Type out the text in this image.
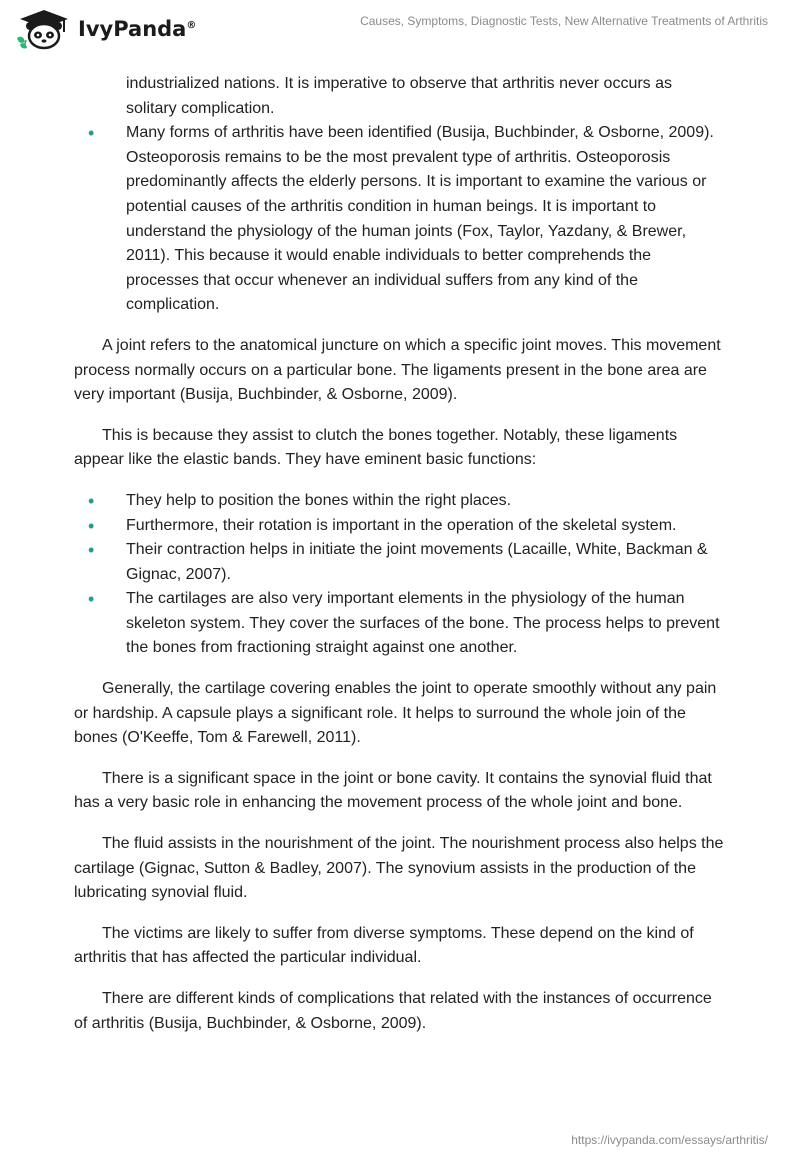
IvyPanda®	Causes, Symptoms, Diagnostic Tests, New Alternative Treatments of Arthritis
industrialized nations. It is imperative to observe that arthritis never occurs as solitary complication.
• Many forms of arthritis have been identified (Busija, Buchbinder, & Osborne, 2009). Osteoporosis remains to be the most prevalent type of arthritis. Osteoporosis predominantly affects the elderly persons. It is important to examine the various or potential causes of the arthritis condition in human beings. It is important to understand the physiology of the human joints (Fox, Taylor, Yazdany, & Brewer, 2011). This because it would enable individuals to better comprehends the processes that occur whenever an individual suffers from any kind of the complication.

A joint refers to the anatomical juncture on which a specific joint moves. This movement process normally occurs on a particular bone. The ligaments present in the bone area are very important (Busija, Buchbinder, & Osborne, 2009).

This is because they assist to clutch the bones together. Notably, these ligaments appear like the elastic bands. They have eminent basic functions:

• They help to position the bones within the right places.
• Furthermore, their rotation is important in the operation of the skeletal system.
• Their contraction helps in initiate the joint movements (Lacaille, White, Backman & Gignac, 2007).
• The cartilages are also very important elements in the physiology of the human skeleton system. They cover the surfaces of the bone. The process helps to prevent the bones from fractioning straight against one another.

Generally, the cartilage covering enables the joint to operate smoothly without any pain or hardship. A capsule plays a significant role. It helps to surround the whole join of the bones (O'Keeffe, Tom & Farewell, 2011).

There is a significant space in the joint or bone cavity. It contains the synovial fluid that has a very basic role in enhancing the movement process of the whole joint and bone.

The fluid assists in the nourishment of the joint. The nourishment process also helps the cartilage (Gignac, Sutton & Badley, 2007). The synovium assists in the production of the lubricating synovial fluid.

The victims are likely to suffer from diverse symptoms. These depend on the kind of arthritis that has affected the particular individual.

There are different kinds of complications that related with the instances of occurrence of arthritis (Busija, Buchbinder, & Osborne, 2009).

https://ivypanda.com/essays/arthritis/
